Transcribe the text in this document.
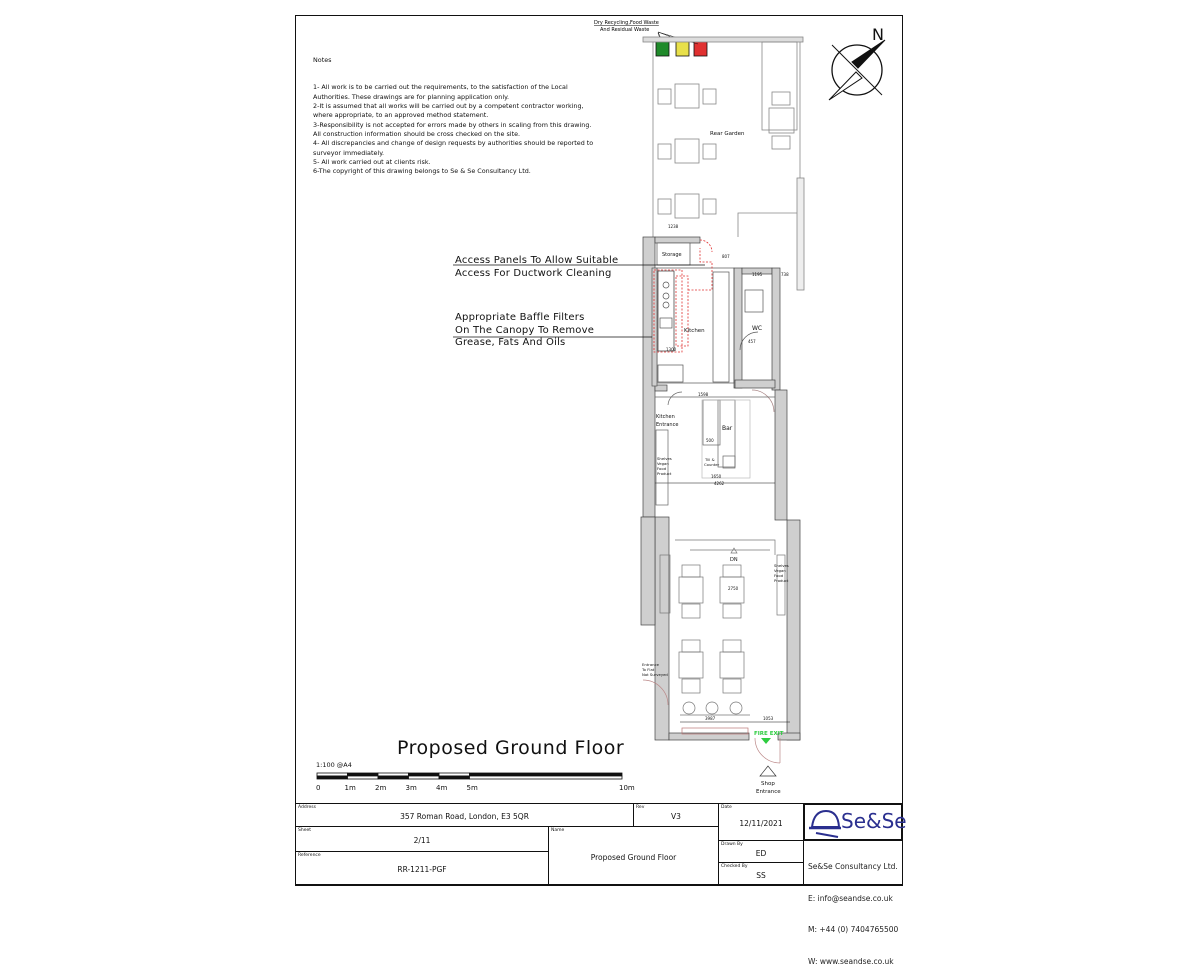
N
Dry Recycling,Food Waste
And Residual Waste
Rear Garden
1238
Storage
Kitchen
1300
807
1195	738
WC
457
Kitchen
Entrance	Bar
Till &
Counter
500
1650
4262
1598
Shelves
Vegan
Food
Product
DN
Shelves
Vegan
Food
Product
2750
3987	1053
Entrance
To Flat
Not Surveyed
FIRE EXIT
Shop
Entrance

Notes

1- All work is to be carried out the requirements, to the satisfaction of the Local
Authorities. These drawings are for planning application only.
2-It is assumed that all works will be carried out by a competent contractor working,
where appropriate, to an approved method statement.
3-Responsibility is not accepted for errors made by others in scaling from this drawing.
All construction information should be cross checked on the site.
4- All discrepancies and change of design requests by authorities should be reported to
surveyor immediately.
5- All work carried out at clients risk.
6-The copyright of this drawing belongs to Se & Se Consultancy Ltd.

Access Panels To Allow Suitable
Access For Ductwork Cleaning
Appropriate Baffle Filters
On The Canopy To Remove
Grease, Fats And Oils
Proposed Ground Floor
1:100 @A4
0	1m	2m	3m	4m	5m	10m
Address
357 Roman Road, London, E3 5QR
Rev
V3
Date
12/11/2021	Se&Se
Sheet
2/11
Name
Proposed Ground Floor
Reference
RR-1211-PGF
Drawn By
ED
Checked By
SS

Se&Se Consultancy Ltd.

E: info@seandse.co.uk

M: +44 (0) 7404765500

W: www.seandse.co.uk
